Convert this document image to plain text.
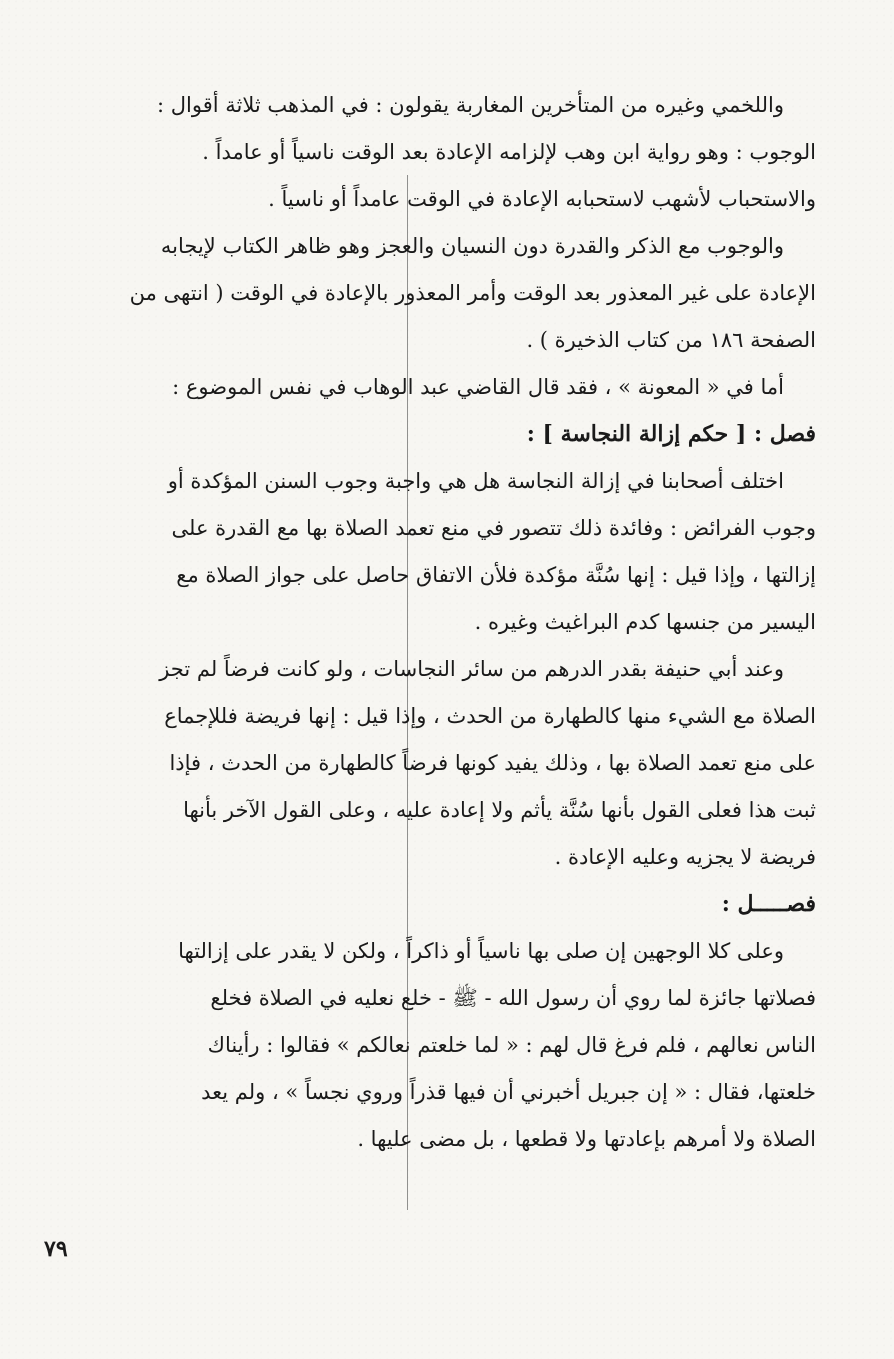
واللخمي وغيره من المتأخرين المغاربة يقولون : في المذهب ثلاثة أقوال :
الوجوب : وهو رواية ابن وهب لإلزامه الإعادة بعد الوقت ناسياً أو عامداً .
والاستحباب لأشهب لاستحبابه الإعادة في الوقت عامداً أو ناسياً .
والوجوب مع الذكر والقدرة دون النسيان والعجز وهو ظاهر الكتاب لإيجابه
الإعادة على غير المعذور بعد الوقت وأمر المعذور بالإعادة في الوقت ( انتهى من
الصفحة ١٨٦ من كتاب الذخيرة ) .
أما في « المعونة » ، فقد قال القاضي عبد الوهاب في نفس الموضوع :
فصل : [ حكم إزالة النجاسة ] :
اختلف أصحابنا في إزالة النجاسة هل هي واجبة وجوب السنن المؤكدة أو
وجوب الفرائض : وفائدة ذلك تتصور في منع تعمد الصلاة بها مع القدرة على
إزالتها ، وإذا قيل : إنها سُنَّة مؤكدة فلأن الاتفاق حاصل على جواز الصلاة مع
اليسير من جنسها كدم البراغيث وغيره .
وعند أبي حنيفة بقدر الدرهم من سائر النجاسات ، ولو كانت فرضاً لم تجز
الصلاة مع الشيء منها كالطهارة من الحدث ، وإذا قيل : إنها فريضة فللإجماع
على منع تعمد الصلاة بها ، وذلك يفيد كونها فرضاً كالطهارة من الحدث ، فإذا
ثبت هذا فعلى القول بأنها سُنَّة يأثم ولا إعادة عليه ، وعلى القول الآخر بأنها
فريضة لا يجزيه وعليه الإعادة .
فصـــــل :
وعلى كلا الوجهين إن صلى بها ناسياً أو ذاكراً ، ولكن لا يقدر على إزالتها
فصلاتها جائزة لما روي أن رسول الله - ﷺ - خلع نعليه في الصلاة فخلع
الناس نعالهم ، فلم فرغ قال لهم : « لما خلعتم نعالكم » فقالوا : رأيناك
خلعتها، فقال : « إن جبريل أخبرني أن فيها قذراً وروي نجساً » ، ولم يعد
الصلاة ولا أمرهم بإعادتها ولا قطعها ، بل مضى عليها .
٧٩
